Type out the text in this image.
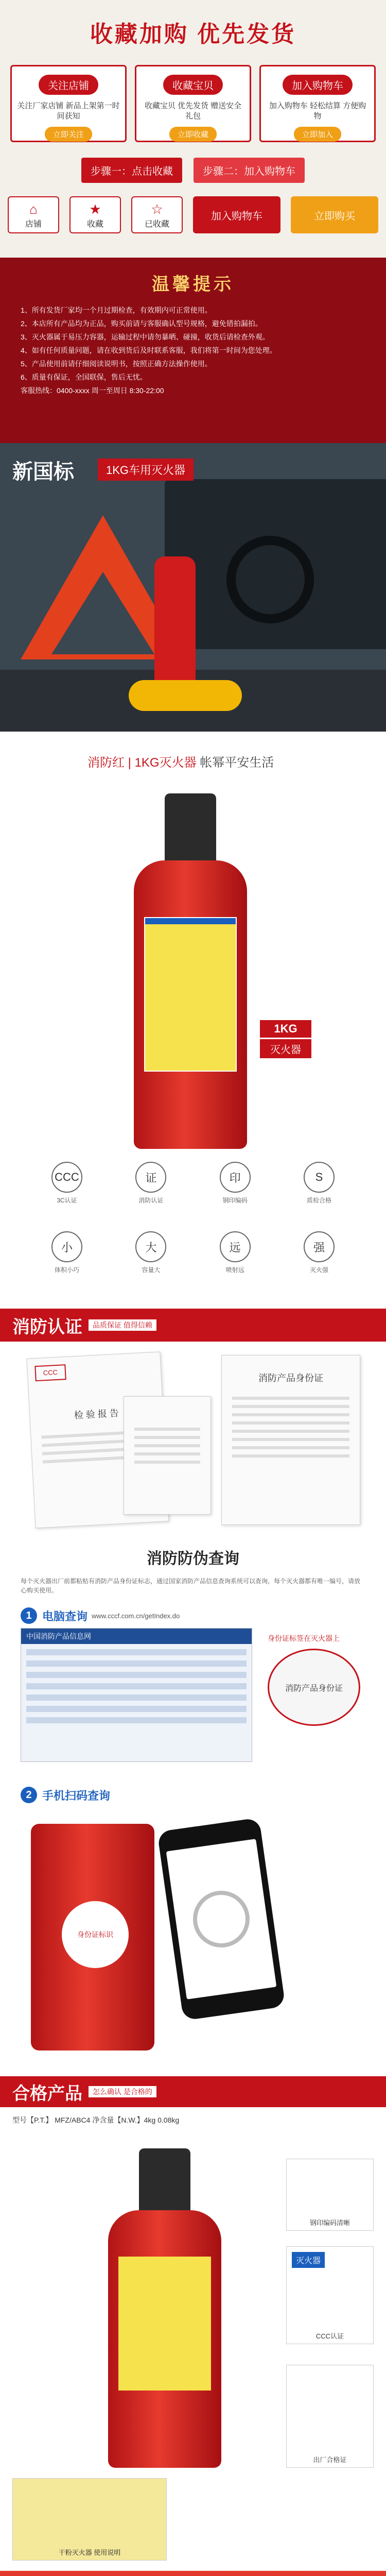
收藏加购 优先发货
关注店铺
关注厂家店铺 新品上架第一时间获知
立即关注
收藏宝贝
收藏宝贝 优先发货 赠送安全礼包
立即收藏
加入购物车
加入购物车 轻松结算 方便购物
立即加入
步骤一：点击收藏	步骤二：加入购物车
⌂
店铺
★
收藏
☆
已收藏
加入购物车	立即购买
温馨提示
1、所有发货厂家均一个月过期检查，有效期内可正常使用。
2、本店所有产品均为正品，购买前请与客服确认型号规格，避免错拍漏拍。
3、灭火器属于易压力容器，运输过程中请勿暴晒、碰撞，收货后请检查外观。
4、如有任何质量问题，请在收到货后及时联系客服，我们将第一时间为您处理。
5、产品使用前请仔细阅读说明书，按照正确方法操作使用。
6、质量有保证，全国联保，售后无忧。
客服热线：0400-xxxx 周一至周日 8:30-22:00
新国标	1KG车用灭火器
消防红 | 1KG灭火器 帐幂平安生活
1KG
灭火器
CCC
3C认证
证
消防认证
印
钢印编码
S
质检合格
小
体积小巧
大
容量大
远
喷射远
强
灭火强
消防认证	品质保证 值得信赖
CCC
检 验 报 告
消防产品身份证
消防防伪查询
每个灭火器出厂前都粘贴有消防产品身份证标志，通过国家消防产品信息查询系统可以查询，每个灭火器都有唯一编号，请放心购买使用。
1 电脑查询 www.cccf.com.cn/getIndex.do
中国消防产品信息网	身份证标签在灭火器上
消防产品身份证
2 手机扫码查询
身份证标识
合格产品	怎么确认 是合格的
型号【P.T.】 MFZ/ABC4 净含量【N.W.】4kg 0.08kg
钢印编码清晰
灭火器
CCC认证
出厂合格证
干粉灭火器 使用说明
